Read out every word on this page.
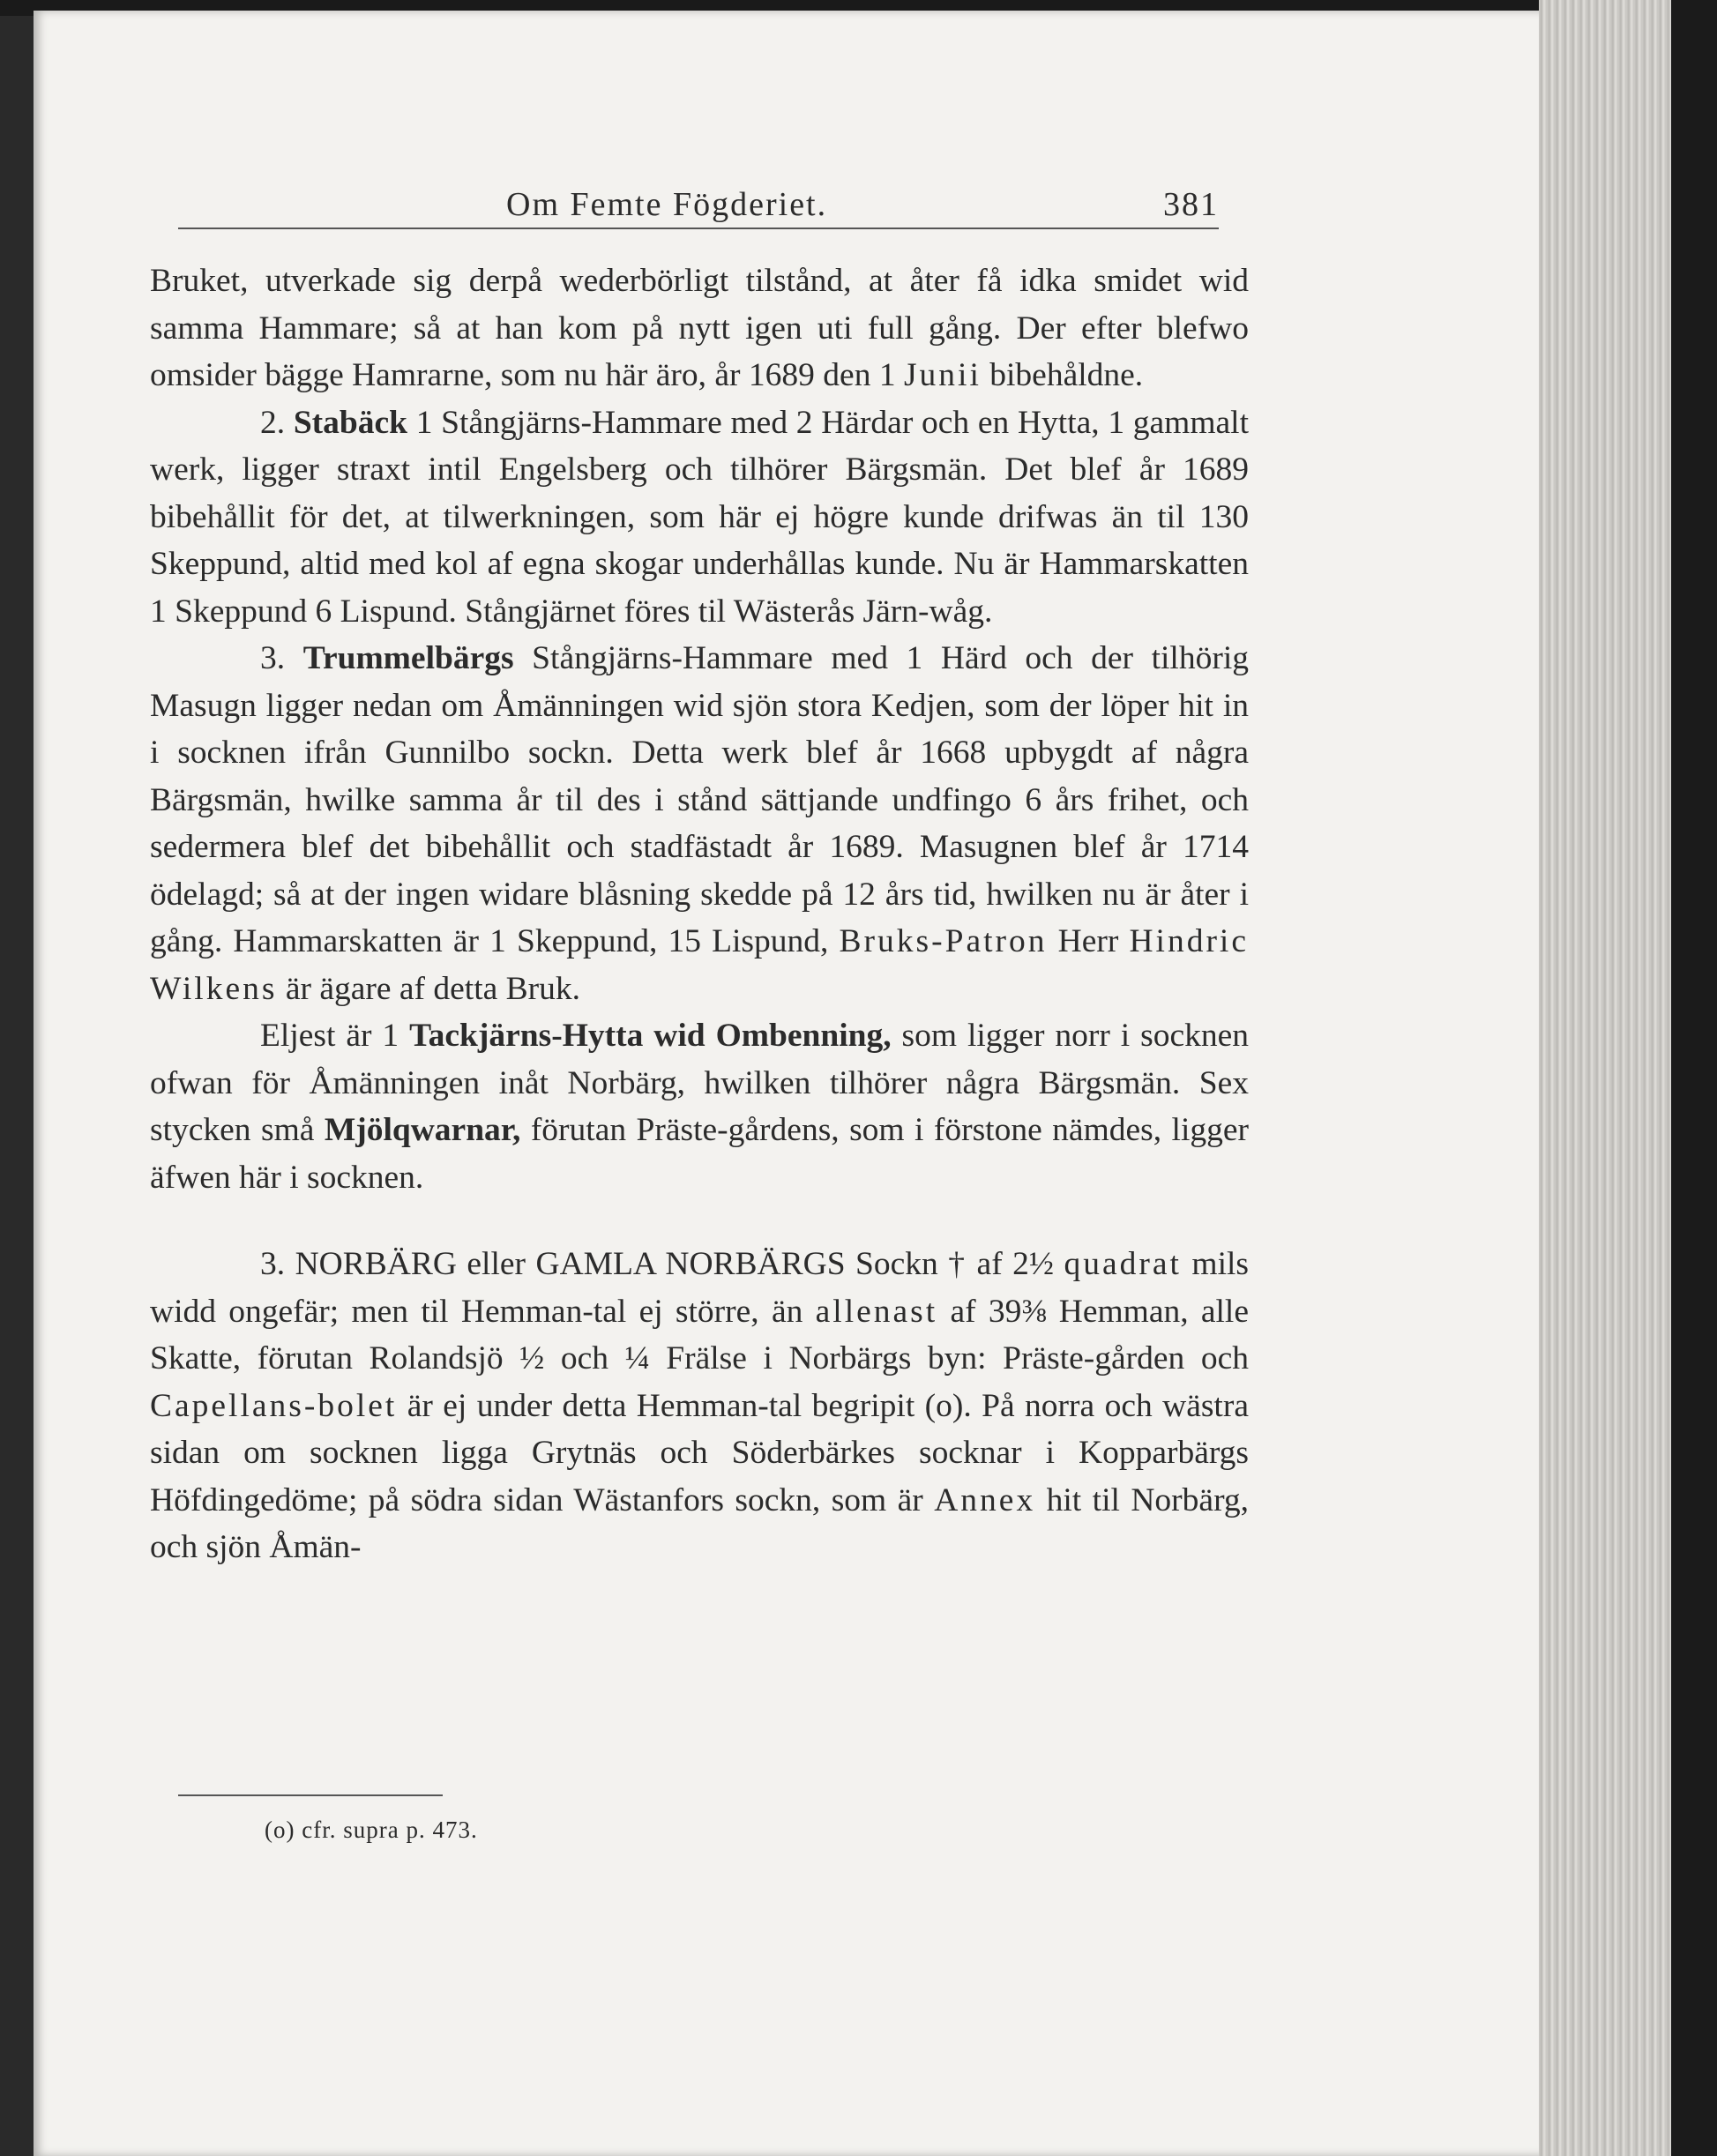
Om Femte Fögderiet.	381

Bruket, utverkade sig derpå wederbörligt tilstånd, at åter få idka smidet wid samma Hammare; så at han kom på nytt igen uti full gång. Der efter blefwo omsider bägge Hamrarne, som nu här äro, år 1689 den 1 Junii bibehåldne.

2. Stabäck 1 Stångjärns-Hammare med 2 Härdar och en Hytta, 1 gammalt werk, ligger straxt intil Engelsberg och tilhörer Bärgsmän. Det blef år 1689 bibehållit för det, at tilwerkningen, som här ej högre kunde drifwas än til 130 Skeppund, altid med kol af egna skogar underhållas kunde. Nu är Hammarskatten 1 Skeppund 6 Lispund. Stångjärnet föres til Wästerås Järn-wåg.

3. Trummelbärgs Stångjärns-Hammare med 1 Härd och der tilhörig Masugn ligger nedan om Åmänningen wid sjön stora Kedjen, som der löper hit in i socknen ifrån Gunnilbo sockn. Detta werk blef år 1668 upbygdt af några Bärgsmän, hwilke samma år til des i stånd sättjande undfingo 6 års frihet, och sedermera blef det bibehållit och stadfästadt år 1689. Masugnen blef år 1714 ödelagd; så at der ingen widare blåsning skedde på 12 års tid, hwilken nu är åter i gång. Hammarskatten är 1 Skeppund, 15 Lispund, Bruks-Patron Herr Hindric Wilkens är ägare af detta Bruk.

Eljest är 1 Tackjärns-Hytta wid Ombenning, som ligger norr i socknen ofwan för Åmänningen inåt Norbärg, hwilken tilhörer några Bärgsmän. Sex stycken små Mjölqwarnar, förutan Präste-gårdens, som i förstone nämdes, ligger äfwen här i socknen.

3. NORBÄRG eller GAMLA NORBÄRGS Sockn † af 2½ quadrat mils widd ongefär; men til Hemman-tal ej större, än allenast af 39⅜ Hemman, alle Skatte, förutan Rolandsjö ½ och ¼ Frälse i Norbärgs byn: Präste-gården och Capellans-bolet är ej under detta Hemman-tal begripit (o). På norra och wästra sidan om socknen ligga Grytnäs och Söderbärkes socknar i Kopparbärgs Höfdingedöme; på södra sidan Wästanfors sockn, som är Annex hit til Norbärg, och sjön Åmän-

(o) cfr. supra p. 473.
